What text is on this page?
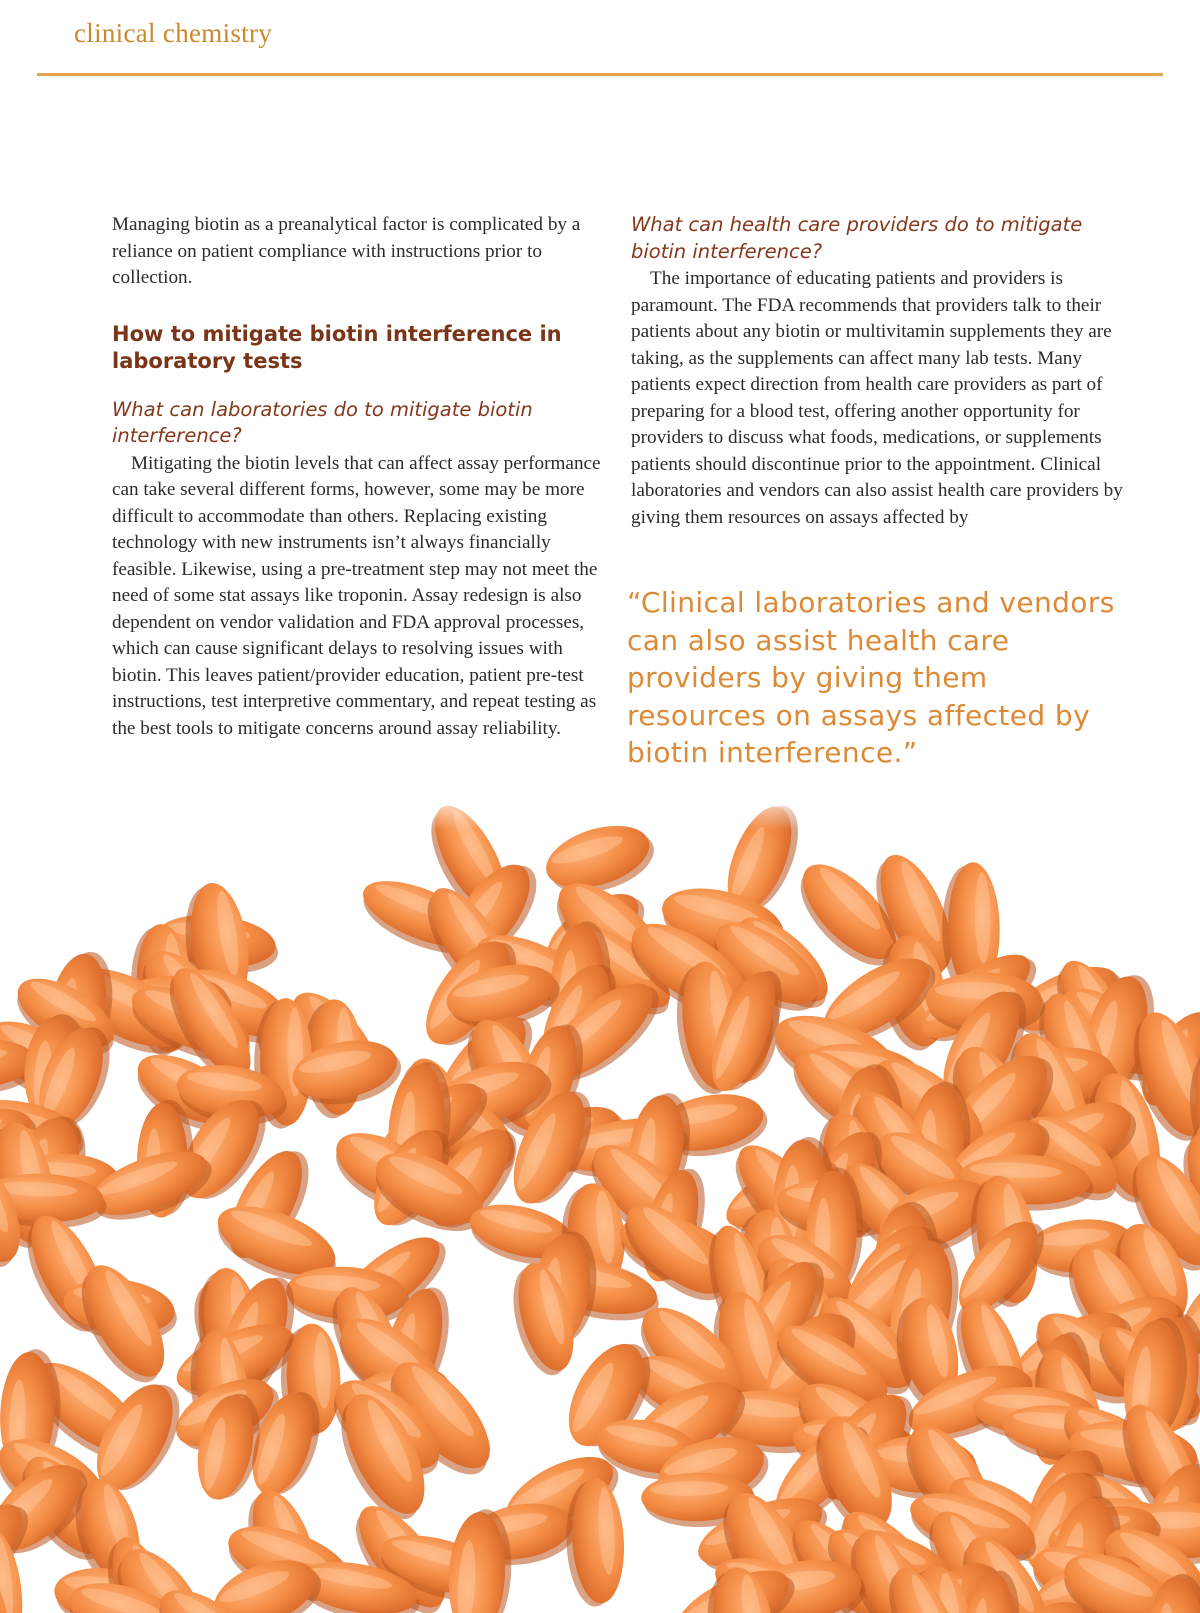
clinical chemistry

Managing biotin as a preanalytical factor is complicated by a reliance on patient compliance with instructions prior to collection.

How to mitigate biotin interference in laboratory tests
What can laboratories do to mitigate biotin interference?

Mitigating the biotin levels that can affect assay performance can take several different forms, however, some may be more difficult to accommodate than others. Replacing existing technology with new instruments isn’t always financially feasible. Likewise, using a pre-treatment step may not meet the need of some stat assays like troponin. Assay redesign is also dependent on vendor validation and FDA approval processes, which can cause significant delays to resolving issues with biotin. This leaves patient/provider education, patient pre-test instructions, test interpretive commentary, and repeat testing as the best tools to mitigate concerns around assay reliability.

What can health care providers do to mitigate biotin interference?

The importance of educating patients and providers is paramount. The FDA recommends that providers talk to their patients about any biotin or multivitamin supplements they are taking, as the supplements can affect many lab tests. Many patients expect direction from health care providers as part of preparing for a blood test, offering another opportunity for providers to discuss what foods, medications, or supplements patients should discontinue prior to the appointment. Clinical laboratories and vendors can also assist health care providers by giving them resources on assays affected by

“Clinical laboratories and vendors can also assist health care providers by giving them resources on assays affected by biotin interference.”
